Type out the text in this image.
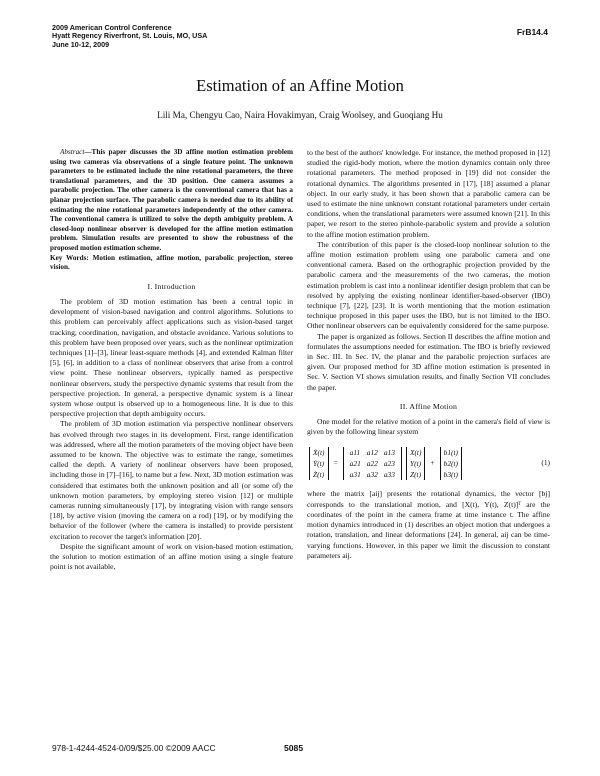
2009 American Control Conference
Hyatt Regency Riverfront, St. Louis, MO, USA
June 10-12, 2009
FrB14.4
Estimation of an Affine Motion
Lili Ma, Chengyu Cao, Naira Hovakimyan, Craig Woolsey, and Guoqiang Hu

Abstract—This paper discusses the 3D affine motion estimation problem using two cameras via observations of a single feature point. The unknown parameters to be estimated include the nine rotational parameters, the three translational parameters, and the 3D position. One camera assumes a parabolic projection. The other camera is the conventional camera that has a planar projection surface. The parabolic camera is needed due to its ability of estimating the nine rotational parameters independently of the other camera. The conventional camera is utilized to solve the depth ambiguity problem. A closed-loop nonlinear observer is developed for the affine motion estimation problem. Simulation results are presented to show the robustness of the proposed motion estimation scheme.

Key Words: Motion estimation, affine motion, parabolic projection, stereo vision.

I. Introduction

The problem of 3D motion estimation has been a central topic in development of vision-based navigation and control algorithms. Solutions to this problem can perceivably affect applications such as vision-based target tracking, coordination, navigation, and obstacle avoidance. Various solutions to this problem have been proposed over years, such as the nonlinear optimization techniques [1]–[3], linear least-square methods [4], and extended Kalman filter [5], [6], in addition to a class of nonlinear observers that arise from a control view point. These nonlinear observers, typically named as perspective nonlinear observers, study the perspective dynamic systems that result from the perspective projection. In general, a perspective dynamic system is a linear system whose output is observed up to a homogeneous line. It is due to this perspective projection that depth ambiguity occurs.

The problem of 3D motion estimation via perspective nonlinear observers has evolved through two stages in its development. First, range identification was addressed, where all the motion parameters of the moving object have been assumed to be known. The objective was to estimate the range, sometimes called the depth. A variety of nonlinear observers have been proposed, including those in [7]–[16], to name but a few. Next, 3D motion estimation was considered that estimates both the unknown position and all (or some of) the unknown motion parameters, by employing stereo vision [12] or multiple cameras running simultaneously [17], by integrating vision with range sensors [18], by active vision (moving the camera on a rod) [19], or by modifying the behavior of the follower (where the camera is installed) to provide persistent excitation to recover the target's information [20].

Despite the significant amount of work on vision-based motion estimation, the solution to motion estimation of an affine motion using a single feature point is not available,

to the best of the authors' knowledge. For instance, the method proposed in [12] studied the rigid-body motion, where the motion dynamics contain only three rotational parameters. The method proposed in [19] did not consider the rotational dynamics. The algorithms presented in [17], [18] assumed a planar object. In our early study, it has been shown that a parabolic camera can be used to estimate the nine unknown constant rotational parameters under certain conditions, when the translational parameters were assumed known [21]. In this paper, we resort to the stereo pinhole-parabolic system and provide a solution to the affine motion estimation problem.

The contribution of this paper is the closed-loop nonlinear solution to the affine motion estimation problem using one parabolic camera and one conventional camera. Based on the orthographic projection provided by the parabolic camera and the measurements of the two cameras, the motion estimation problem is cast into a nonlinear identifier design problem that can be resolved by applying the existing nonlinear identifier-based-observer (IBO) technique [7], [22], [23]. It is worth mentioning that the motion estimation technique proposed in this paper uses the IBO, but is not limited to the IBO. Other nonlinear observers can be equivalently considered for the same purpose.

The paper is organized as follows. Section II describes the affine motion and formulates the assumptions needed for estimation. The IBO is briefly reviewed in Sec. III. In Sec. IV, the planar and the parabolic projection surfaces are given. Our proposed method for 3D affine motion estimation is presented in Sec. V. Section VI shows simulation results, and finally Section VII concludes the paper.

II. Affine Motion

One model for the relative motion of a point in the camera's field of view is given by the following linear system

Ẋ(t)
Ẏ(t)
Ż(t)
=
a11	a12	a13
a21	a22	a23
a31	a32	a33
X(t)
Y(t)
Z(t)
+
b1(t)
b2(t)
b3(t)
(1)

where the matrix [aij] presents the rotational dynamics, the vector [bj] corresponds to the translational motion, and [X(t), Y(t), Z(t)]ᵀ are the coordinates of the point in the camera frame at time instance t. The affine motion dynamics introduced in (1) describes an object motion that undergoes a rotation, translation, and linear deformations [24]. In general, aij can be time-varying functions. However, in this paper we limit the discussion to constant parameters aij.

978-1-4244-4524-0/09/$25.00 ©2009 AACC	5085
